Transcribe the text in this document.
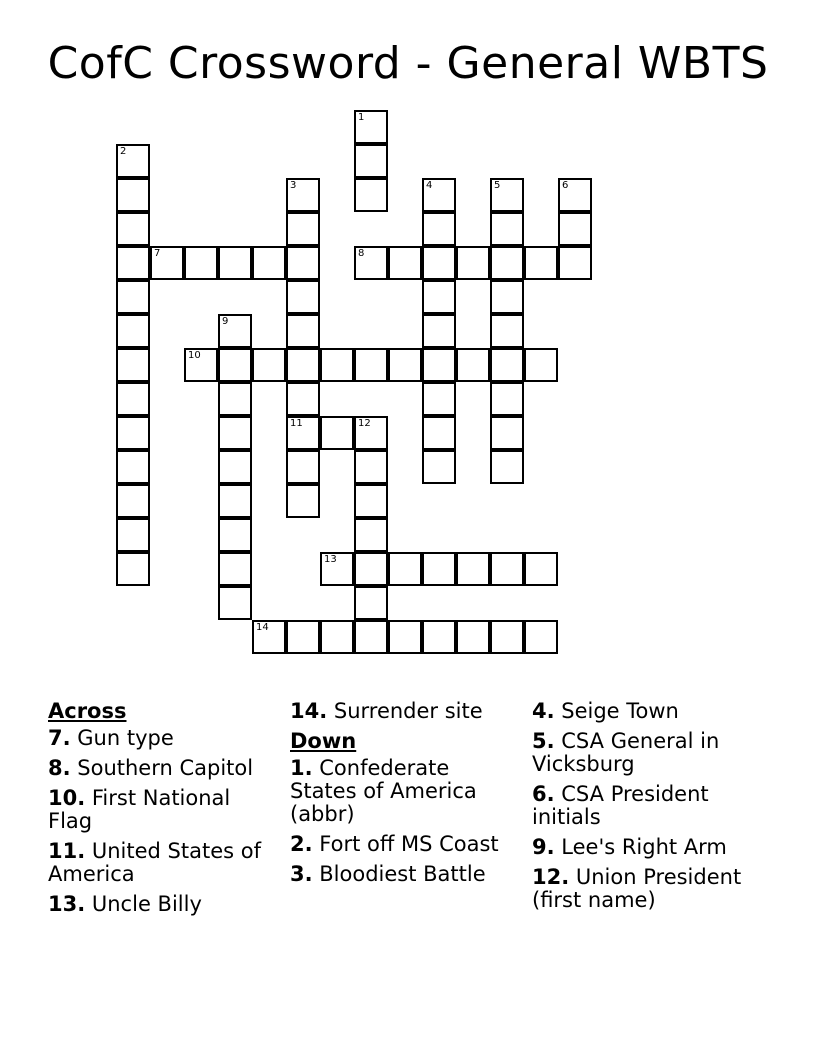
CofC Crossword - General WBTS
1
2
3
11
4	5	6
7	8
9
10
12
13
14
Across
7. Gun type
8. Southern Capitol
10. First National Flag
11. United States of America
13. Uncle Billy
14. Surrender site
Down
1. Confederate States of America (abbr)
2. Fort off MS Coast
3. Bloodiest Battle
4. Seige Town
5. CSA General in Vicksburg
6. CSA President initials
9. Lee's Right Arm
12. Union President (first name)
